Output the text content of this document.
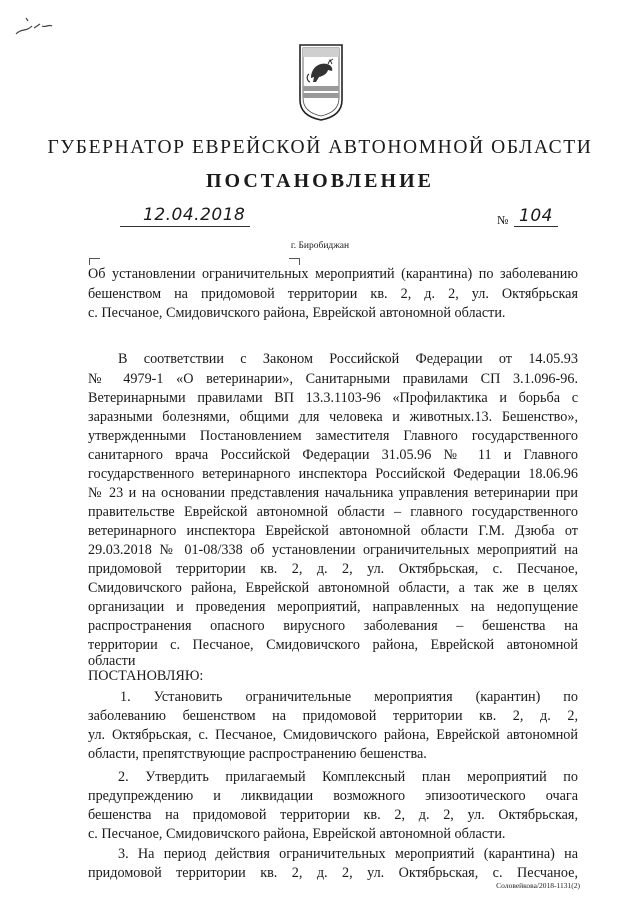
ГУБЕРНАТОР ЕВРЕЙСКОЙ АВТОНОМНОЙ ОБЛАСТИ
ПОСТАНОВЛЕНИЕ
12.04.2018	№ 104
г. Биробиджан

Об установлении ограничительных мероприятий (карантина) по заболеванию

бешенством на придомовой территории кв. 2, д. 2, ул. Октябрьская

с. Песчаное, Смидовичского района, Еврейской автономной области.

В соответствии с Законом Российской Федерации от 14.05.93

№ 4979-1 «О ветеринарии», Санитарными правилами СП 3.1.096-96.

Ветеринарными правилами ВП 13.3.1103-96 «Профилактика и борьба с

заразными болезнями, общими для человека и животных.13. Бешенство»,

утвержденными Постановлением заместителя Главного государственного

санитарного врача Российской Федерации 31.05.96 № 11 и Главного

государственного ветеринарного инспектора Российской Федерации 18.06.96

№ 23 и на основании представления начальника управления ветеринарии при

правительстве Еврейской автономной области – главного государственного

ветеринарного инспектора Еврейской автономной области Г.М. Дзюба от

29.03.2018 № 01-08/338 об установлении ограничительных мероприятий на

придомовой территории кв. 2, д. 2, ул. Октябрьская, с. Песчаное,

Смидовичского района, Еврейской автономной области, а так же в целях

организации и проведения мероприятий, направленных на недопущение

распространения опасного вирусного заболевания – бешенства на

территории с. Песчаное, Смидовичского района, Еврейской автономной

области

ПОСТАНОВЛЯЮ:

1. Установить ограничительные мероприятия (карантин) по

заболеванию бешенством на придомовой территории кв. 2, д. 2,

ул. Октябрьская, с. Песчаное, Смидовичского района, Еврейской автономной

области, препятствующие распространению бешенства.

2. Утвердить прилагаемый Комплексный план мероприятий по

предупреждению и ликвидации возможного эпизоотического очага

бешенства на придомовой территории кв. 2, д. 2, ул. Октябрьская,

с. Песчаное, Смидовичского района, Еврейской автономной области.

3. На период действия ограничительных мероприятий (карантина) на

придомовой территории кв. 2, д. 2, ул. Октябрьская, с. Песчаное,

Соловейкова/2018-1131(2)
